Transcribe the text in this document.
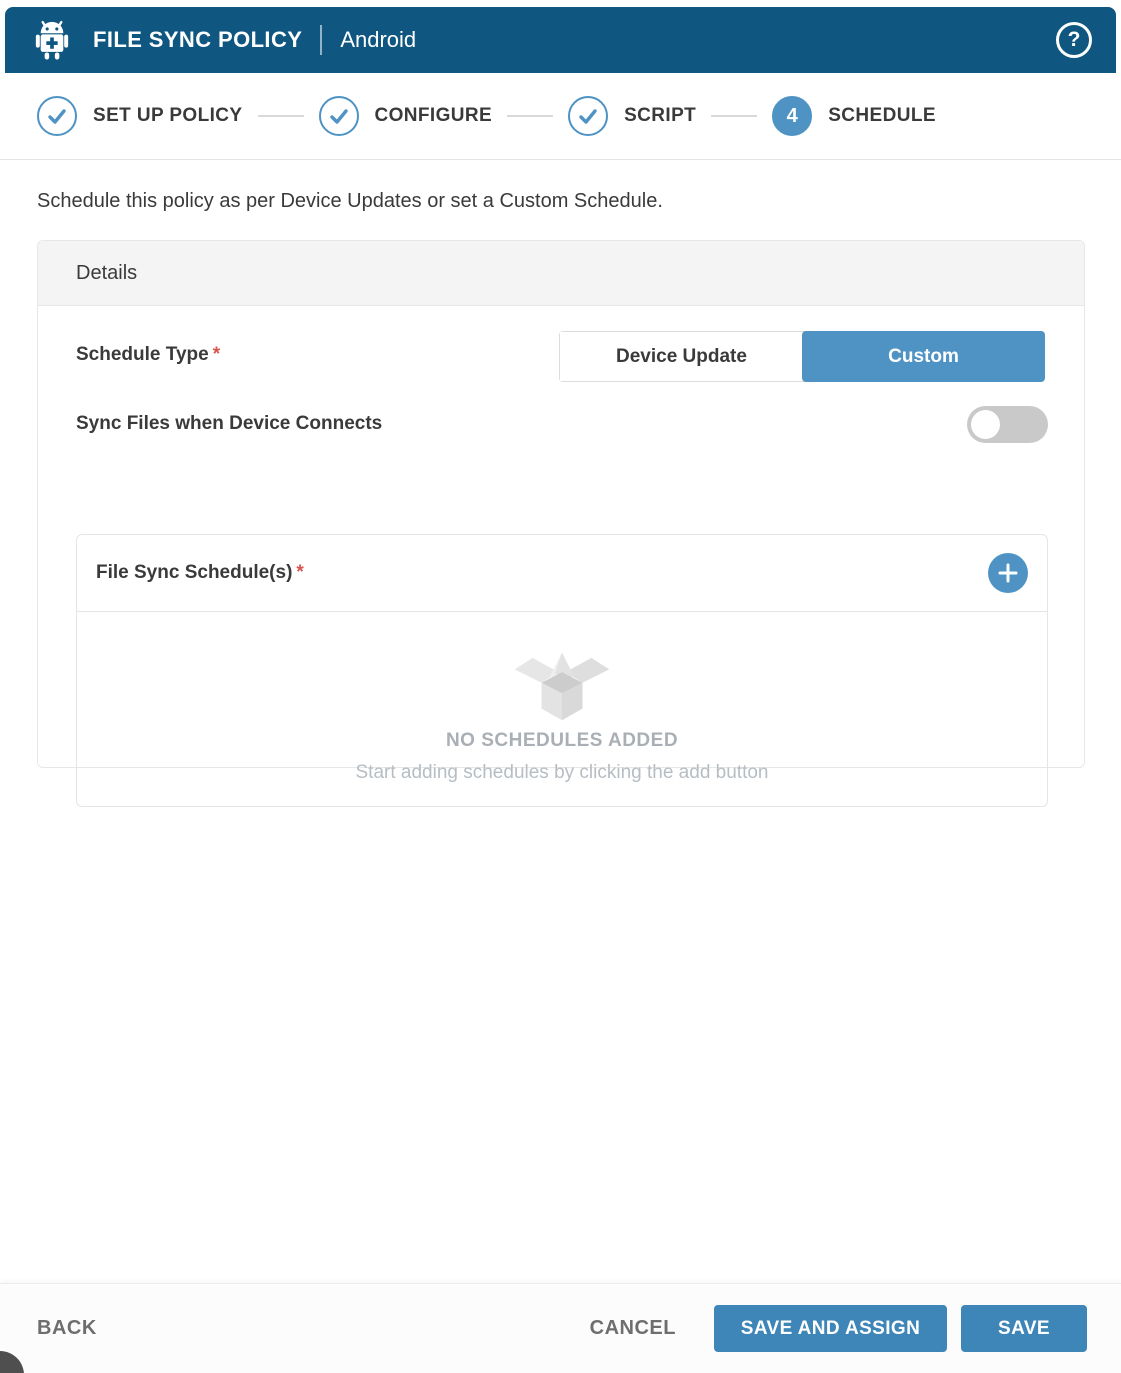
FILE SYNC POLICY Android	?
SET UP POLICY	CONFIGURE	SCRIPT	4	SCHEDULE
Schedule this policy as per Device Updates or set a Custom Schedule.
Details
Schedule Type *	Device Update	Custom
Sync Files when Device Connects
File Sync Schedule(s) *
NO SCHEDULES ADDED
Start adding schedules by clicking the add button
BACK	CANCEL	SAVE AND ASSIGN	SAVE
